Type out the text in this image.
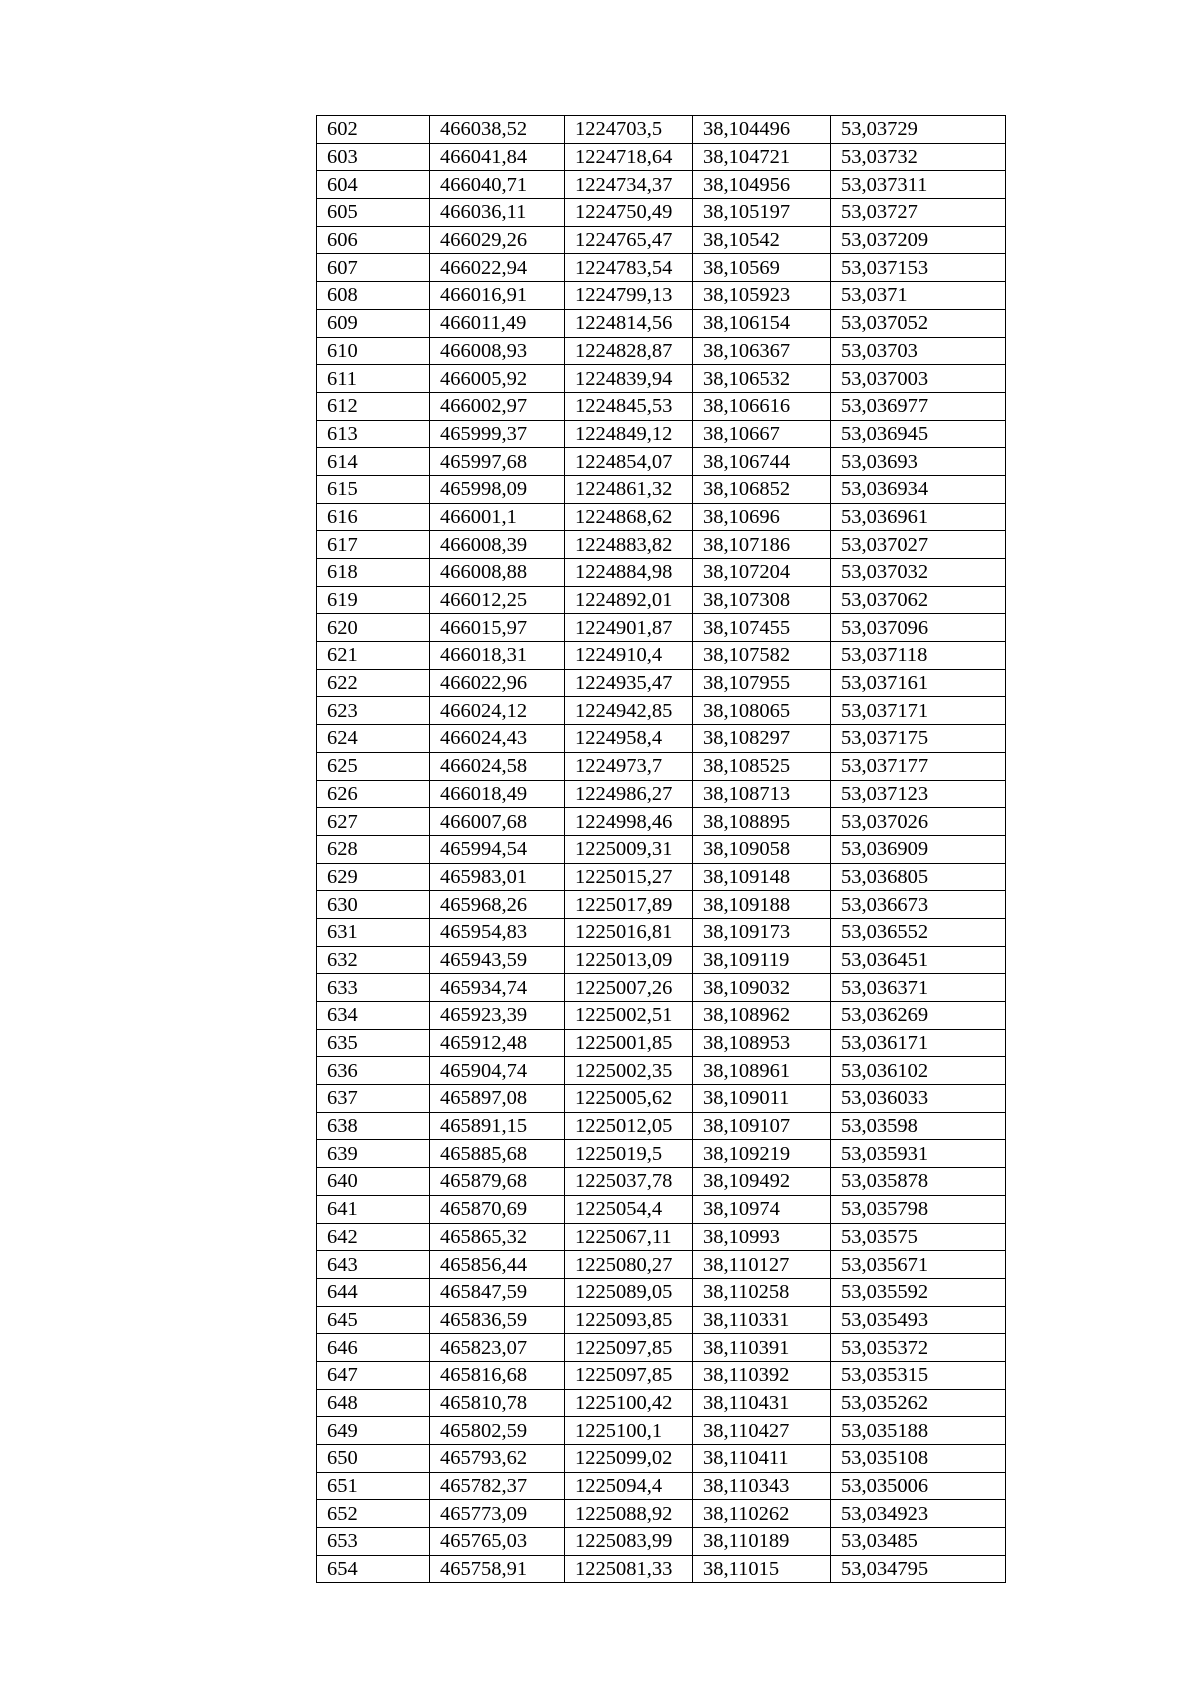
602	466038,52	1224703,5	38,104496	53,03729
603	466041,84	1224718,64	38,104721	53,03732
604	466040,71	1224734,37	38,104956	53,037311
605	466036,11	1224750,49	38,105197	53,03727
606	466029,26	1224765,47	38,10542	53,037209
607	466022,94	1224783,54	38,10569	53,037153
608	466016,91	1224799,13	38,105923	53,0371
609	466011,49	1224814,56	38,106154	53,037052
610	466008,93	1224828,87	38,106367	53,03703
611	466005,92	1224839,94	38,106532	53,037003
612	466002,97	1224845,53	38,106616	53,036977
613	465999,37	1224849,12	38,10667	53,036945
614	465997,68	1224854,07	38,106744	53,03693
615	465998,09	1224861,32	38,106852	53,036934
616	466001,1	1224868,62	38,10696	53,036961
617	466008,39	1224883,82	38,107186	53,037027
618	466008,88	1224884,98	38,107204	53,037032
619	466012,25	1224892,01	38,107308	53,037062
620	466015,97	1224901,87	38,107455	53,037096
621	466018,31	1224910,4	38,107582	53,037118
622	466022,96	1224935,47	38,107955	53,037161
623	466024,12	1224942,85	38,108065	53,037171
624	466024,43	1224958,4	38,108297	53,037175
625	466024,58	1224973,7	38,108525	53,037177
626	466018,49	1224986,27	38,108713	53,037123
627	466007,68	1224998,46	38,108895	53,037026
628	465994,54	1225009,31	38,109058	53,036909
629	465983,01	1225015,27	38,109148	53,036805
630	465968,26	1225017,89	38,109188	53,036673
631	465954,83	1225016,81	38,109173	53,036552
632	465943,59	1225013,09	38,109119	53,036451
633	465934,74	1225007,26	38,109032	53,036371
634	465923,39	1225002,51	38,108962	53,036269
635	465912,48	1225001,85	38,108953	53,036171
636	465904,74	1225002,35	38,108961	53,036102
637	465897,08	1225005,62	38,109011	53,036033
638	465891,15	1225012,05	38,109107	53,03598
639	465885,68	1225019,5	38,109219	53,035931
640	465879,68	1225037,78	38,109492	53,035878
641	465870,69	1225054,4	38,10974	53,035798
642	465865,32	1225067,11	38,10993	53,03575
643	465856,44	1225080,27	38,110127	53,035671
644	465847,59	1225089,05	38,110258	53,035592
645	465836,59	1225093,85	38,110331	53,035493
646	465823,07	1225097,85	38,110391	53,035372
647	465816,68	1225097,85	38,110392	53,035315
648	465810,78	1225100,42	38,110431	53,035262
649	465802,59	1225100,1	38,110427	53,035188
650	465793,62	1225099,02	38,110411	53,035108
651	465782,37	1225094,4	38,110343	53,035006
652	465773,09	1225088,92	38,110262	53,034923
653	465765,03	1225083,99	38,110189	53,03485
654	465758,91	1225081,33	38,11015	53,034795
